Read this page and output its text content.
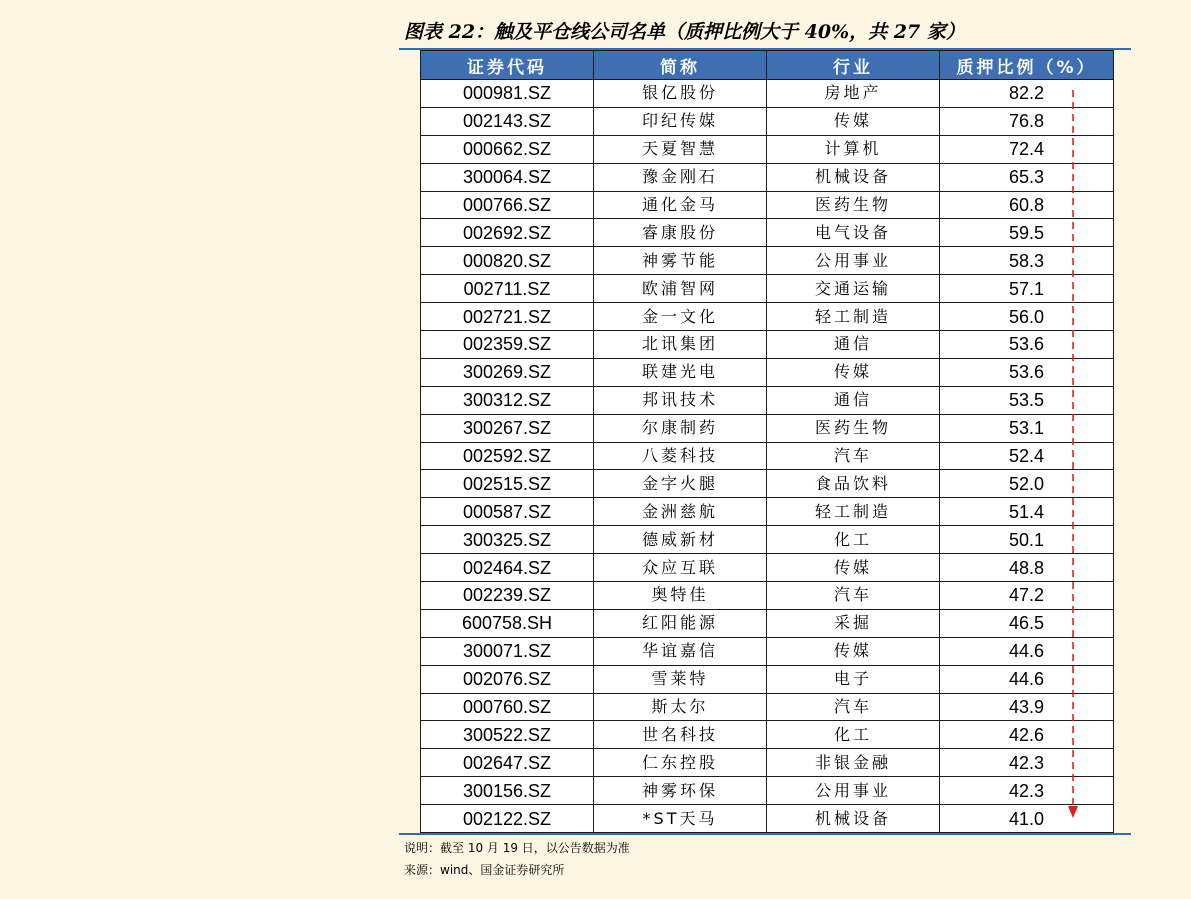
图表 22：触及平仓线公司名单（质押比例大于 40%，共 27 家）
证券代码	简称	行业	质押比例（%）
000981.SZ	银亿股份	房地产	82.2
002143.SZ	印纪传媒	传媒	76.8
000662.SZ	天夏智慧	计算机	72.4
300064.SZ	豫金刚石	机械设备	65.3
000766.SZ	通化金马	医药生物	60.8
002692.SZ	睿康股份	电气设备	59.5
000820.SZ	神雾节能	公用事业	58.3
002711.SZ	欧浦智网	交通运输	57.1
002721.SZ	金一文化	轻工制造	56.0
002359.SZ	北讯集团	通信	53.6
300269.SZ	联建光电	传媒	53.6
300312.SZ	邦讯技术	通信	53.5
300267.SZ	尔康制药	医药生物	53.1
002592.SZ	八菱科技	汽车	52.4
002515.SZ	金字火腿	食品饮料	52.0
000587.SZ	金洲慈航	轻工制造	51.4
300325.SZ	德威新材	化工	50.1
002464.SZ	众应互联	传媒	48.8
002239.SZ	奥特佳	汽车	47.2
600758.SH	红阳能源	采掘	46.5
300071.SZ	华谊嘉信	传媒	44.6
002076.SZ	雪莱特	电子	44.6
000760.SZ	斯太尔	汽车	43.9
300522.SZ	世名科技	化工	42.6
002647.SZ	仁东控股	非银金融	42.3
300156.SZ	神雾环保	公用事业	42.3
002122.SZ	*ST天马	机械设备	41.0
说明：截至 10 月 19 日，以公告数据为准
来源：wind、国金证券研究所
